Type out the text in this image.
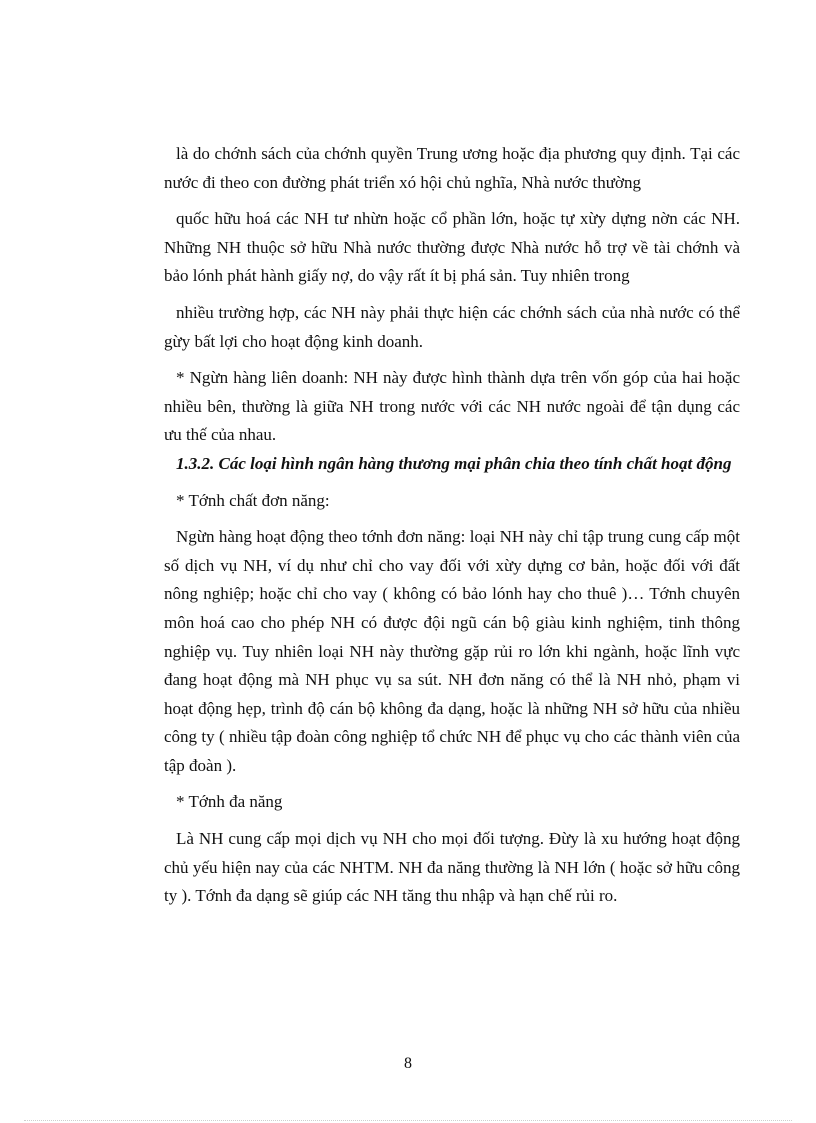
là do chớnh sách của chớnh quyền Trung ương hoặc địa phương quy định. Tại các nước đi theo con đường phát triển xó hội chủ nghĩa, Nhà nước thường

quốc hữu hoá các NH tư nhừn hoặc cổ phần lớn, hoặc tự xừy dựng nờn các NH. Những NH thuộc sở hữu Nhà nước thường được Nhà nước hỗ trợ về tài chớnh và bảo lónh phát hành giấy nợ, do vậy rất ít bị phá sản. Tuy nhiên trong

nhiều trường hợp, các NH này phải thực hiện các chớnh sách của nhà nước có thể gừy bất lợi cho hoạt động kinh doanh.

* Ngừn hàng liên doanh: NH này được hình thành dựa trên vốn góp của hai hoặc nhiều bên, thường là giữa NH trong nước với các NH nước ngoài để tận dụng các ưu thế của nhau.

1.3.2. Các loại hình ngân hàng thương mại phân chia theo tính chất hoạt động

* Tớnh chất đơn năng:

Ngừn hàng hoạt động theo tớnh đơn năng: loại NH này chỉ tập trung cung cấp một số dịch vụ NH, ví dụ như chỉ cho vay đối với xừy dựng cơ bản, hoặc đối với đất nông nghiệp; hoặc chỉ cho vay ( không có bảo lónh hay cho thuê )… Tớnh chuyên môn hoá cao cho phép NH có được đội ngũ cán bộ giàu kinh nghiệm, tinh thông nghiệp vụ. Tuy nhiên loại NH này thường gặp rủi ro lớn khi ngành, hoặc lĩnh vực đang hoạt động mà NH phục vụ sa sút. NH đơn năng có thể là NH nhỏ, phạm vi hoạt động hẹp, trình độ cán bộ không đa dạng, hoặc là những NH sở hữu của nhiều công ty ( nhiều tập đoàn công nghiệp tổ chức NH để phục vụ cho các thành viên của tập đoàn ).

* Tớnh đa năng

Là NH cung cấp mọi dịch vụ NH cho mọi đối tượng. Đừy là xu hướng hoạt động chủ yếu hiện nay của các NHTM. NH đa năng thường là NH lớn ( hoặc sở hữu công ty ). Tớnh đa dạng sẽ giúp các NH tăng thu nhập và hạn chế rủi ro.

8
